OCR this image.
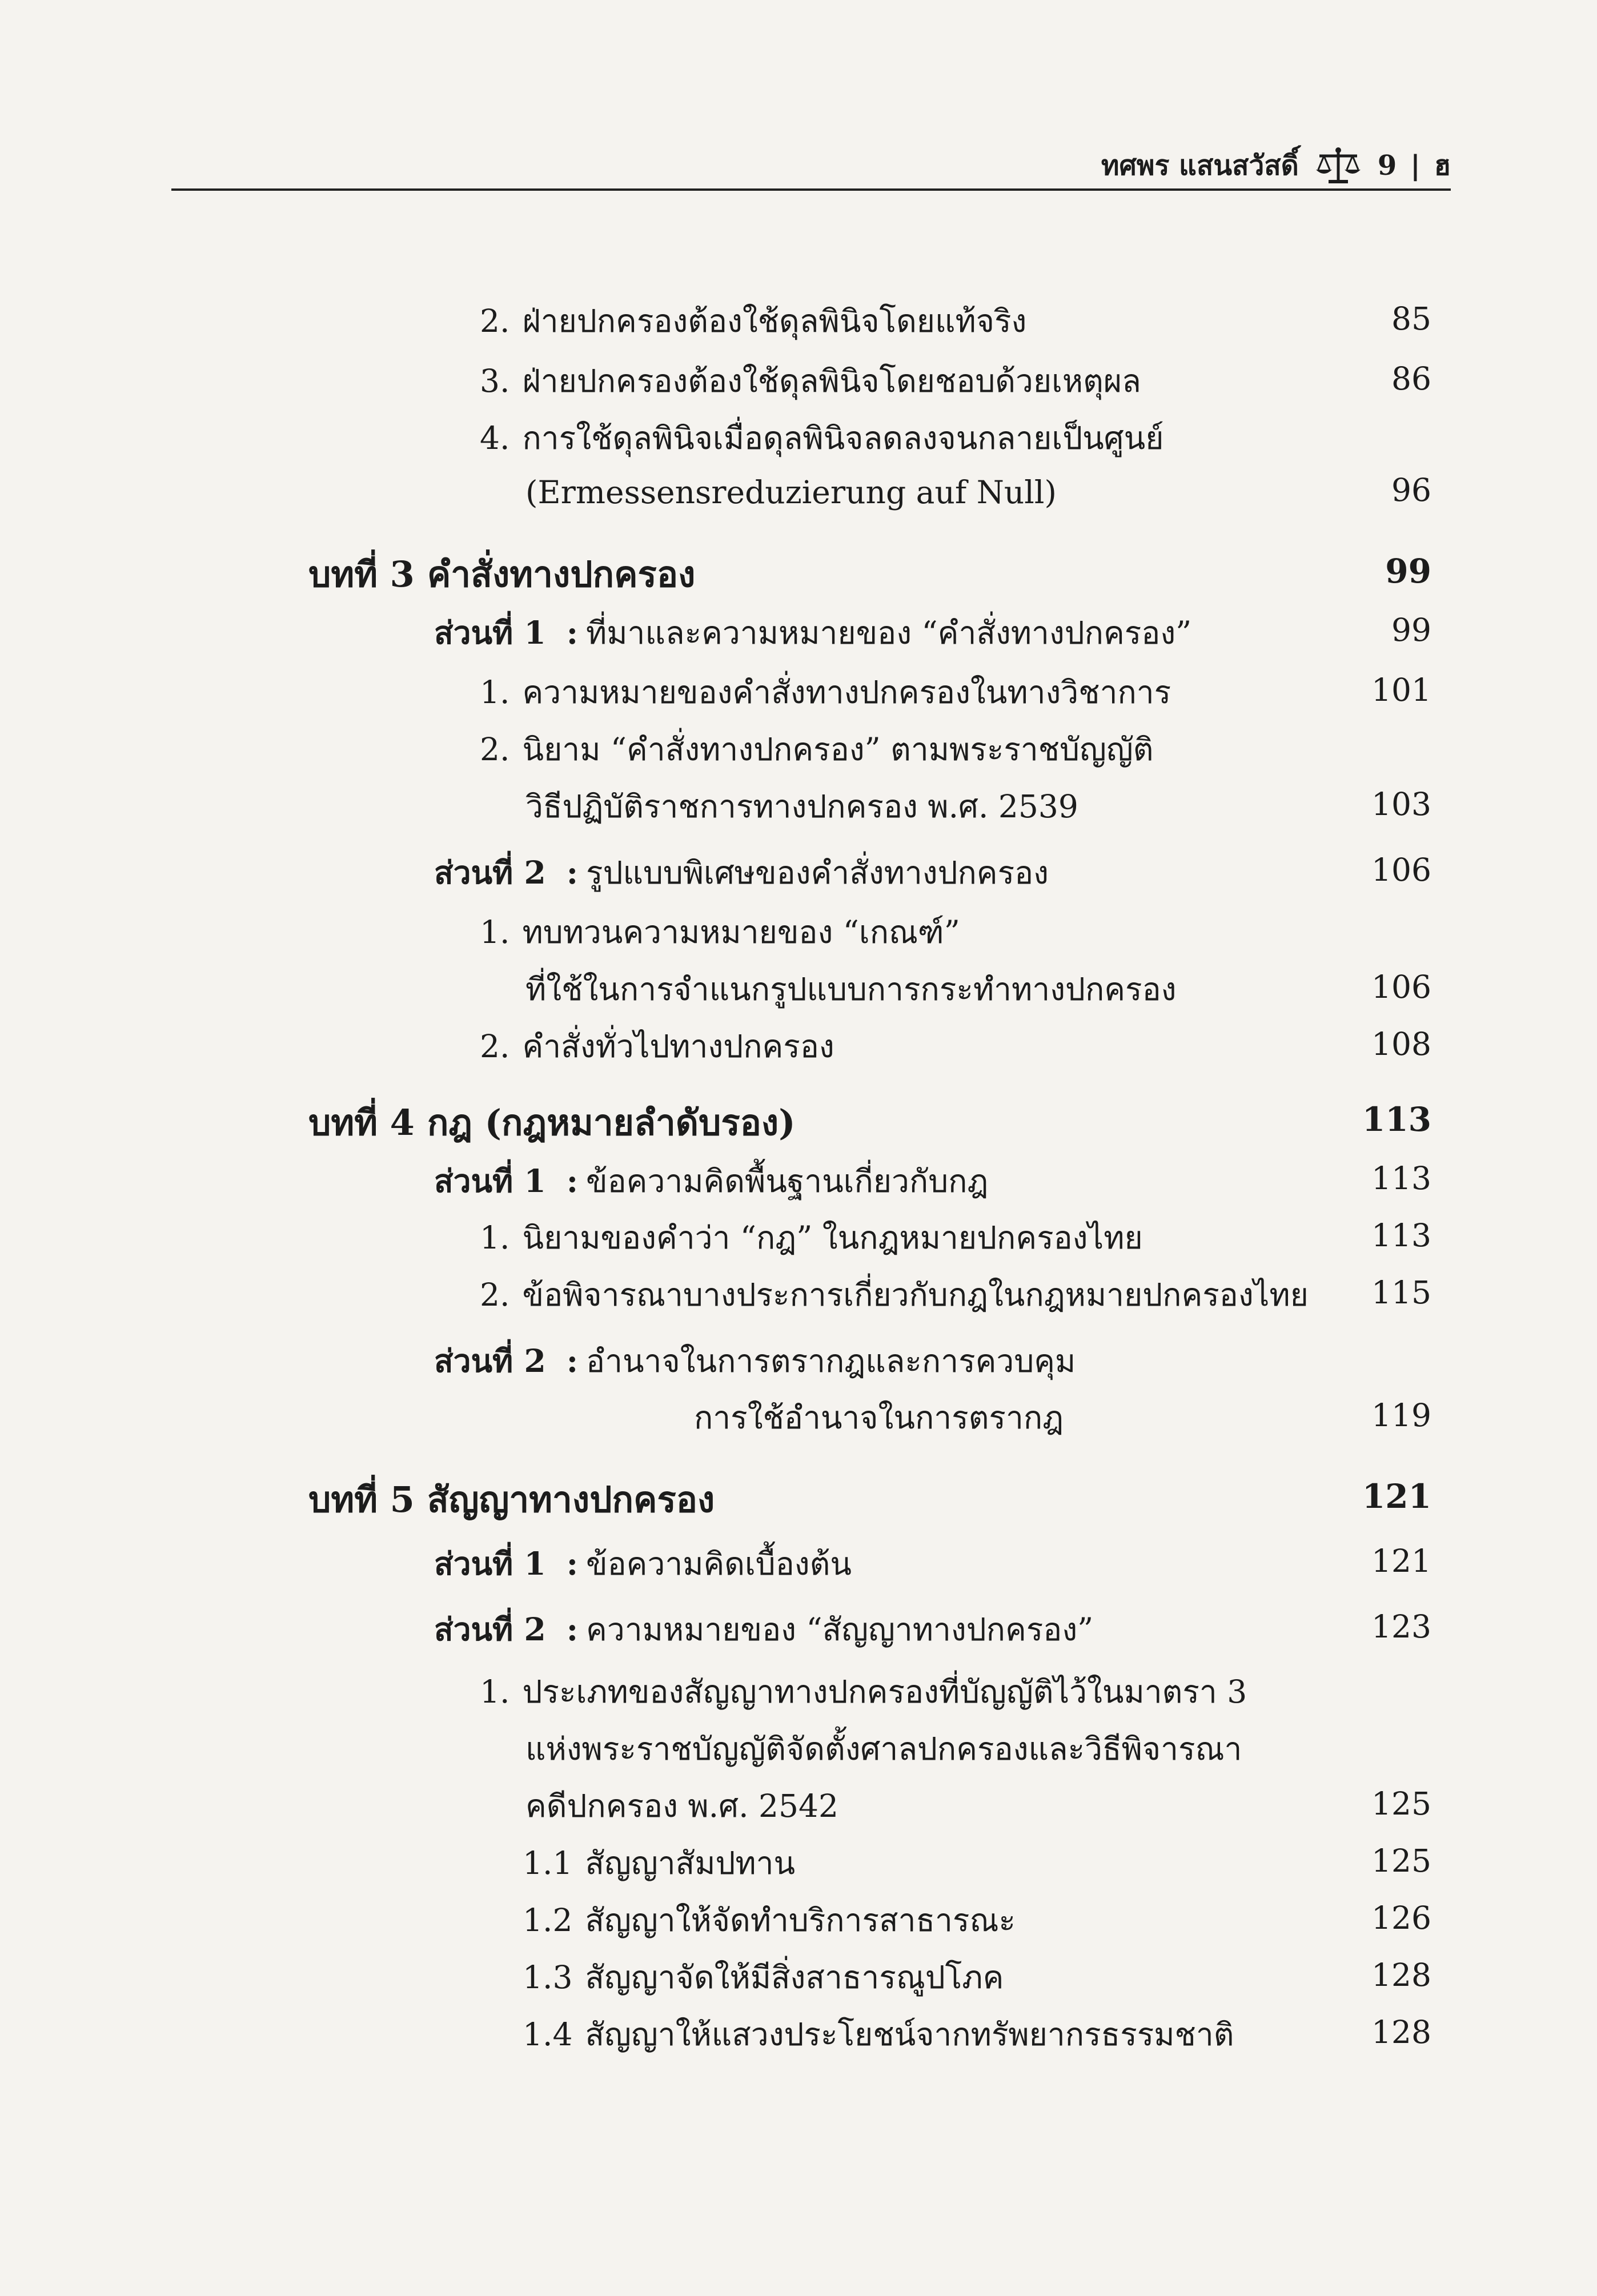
ทศพร แสนสวัสดิ์	9 | ฮ
2. ฝ่ายปกครองต้องใช้ดุลพินิจโดยแท้จริง	85
3. ฝ่ายปกครองต้องใช้ดุลพินิจโดยชอบด้วยเหตุผล	86
4. การใช้ดุลพินิจเมื่อดุลพินิจลดลงจนกลายเป็นศูนย์
(Ermessensreduzierung auf Null)	96
บทที่ 3 คำสั่งทางปกครอง	99
ส่วนที่ 1 : ที่มาและความหมายของ “คำสั่งทางปกครอง”	99
1. ความหมายของคำสั่งทางปกครองในทางวิชาการ	101
2. นิยาม “คำสั่งทางปกครอง” ตามพระราชบัญญัติ
วิธีปฏิบัติราชการทางปกครอง พ.ศ. 2539	103
ส่วนที่ 2 : รูปแบบพิเศษของคำสั่งทางปกครอง	106
1. ทบทวนความหมายของ “เกณฑ์”
ที่ใช้ในการจำแนกรูปแบบการกระทำทางปกครอง	106
2. คำสั่งทั่วไปทางปกครอง	108
บทที่ 4 กฎ (กฎหมายลำดับรอง)	113
ส่วนที่ 1 : ข้อความคิดพื้นฐานเกี่ยวกับกฎ	113
1. นิยามของคำว่า “กฎ” ในกฎหมายปกครองไทย	113
2. ข้อพิจารณาบางประการเกี่ยวกับกฎในกฎหมายปกครองไทย 115
ส่วนที่ 2 : อำนาจในการตรากฎและการควบคุม
การใช้อำนาจในการตรากฎ	119
บทที่ 5 สัญญาทางปกครอง	121
ส่วนที่ 1 : ข้อความคิดเบื้องต้น	121
ส่วนที่ 2 : ความหมายของ “สัญญาทางปกครอง”	123
1. ประเภทของสัญญาทางปกครองที่บัญญัติไว้ในมาตรา 3
แห่งพระราชบัญญัติจัดตั้งศาลปกครองและวิธีพิจารณา
คดีปกครอง พ.ศ. 2542	125
1.1 สัญญาสัมปทาน	125
1.2 สัญญาให้จัดทำบริการสาธารณะ	126
1.3 สัญญาจัดให้มีสิ่งสาธารณูปโภค	128
1.4 สัญญาให้แสวงประโยชน์จากทรัพยากรธรรมชาติ	128
